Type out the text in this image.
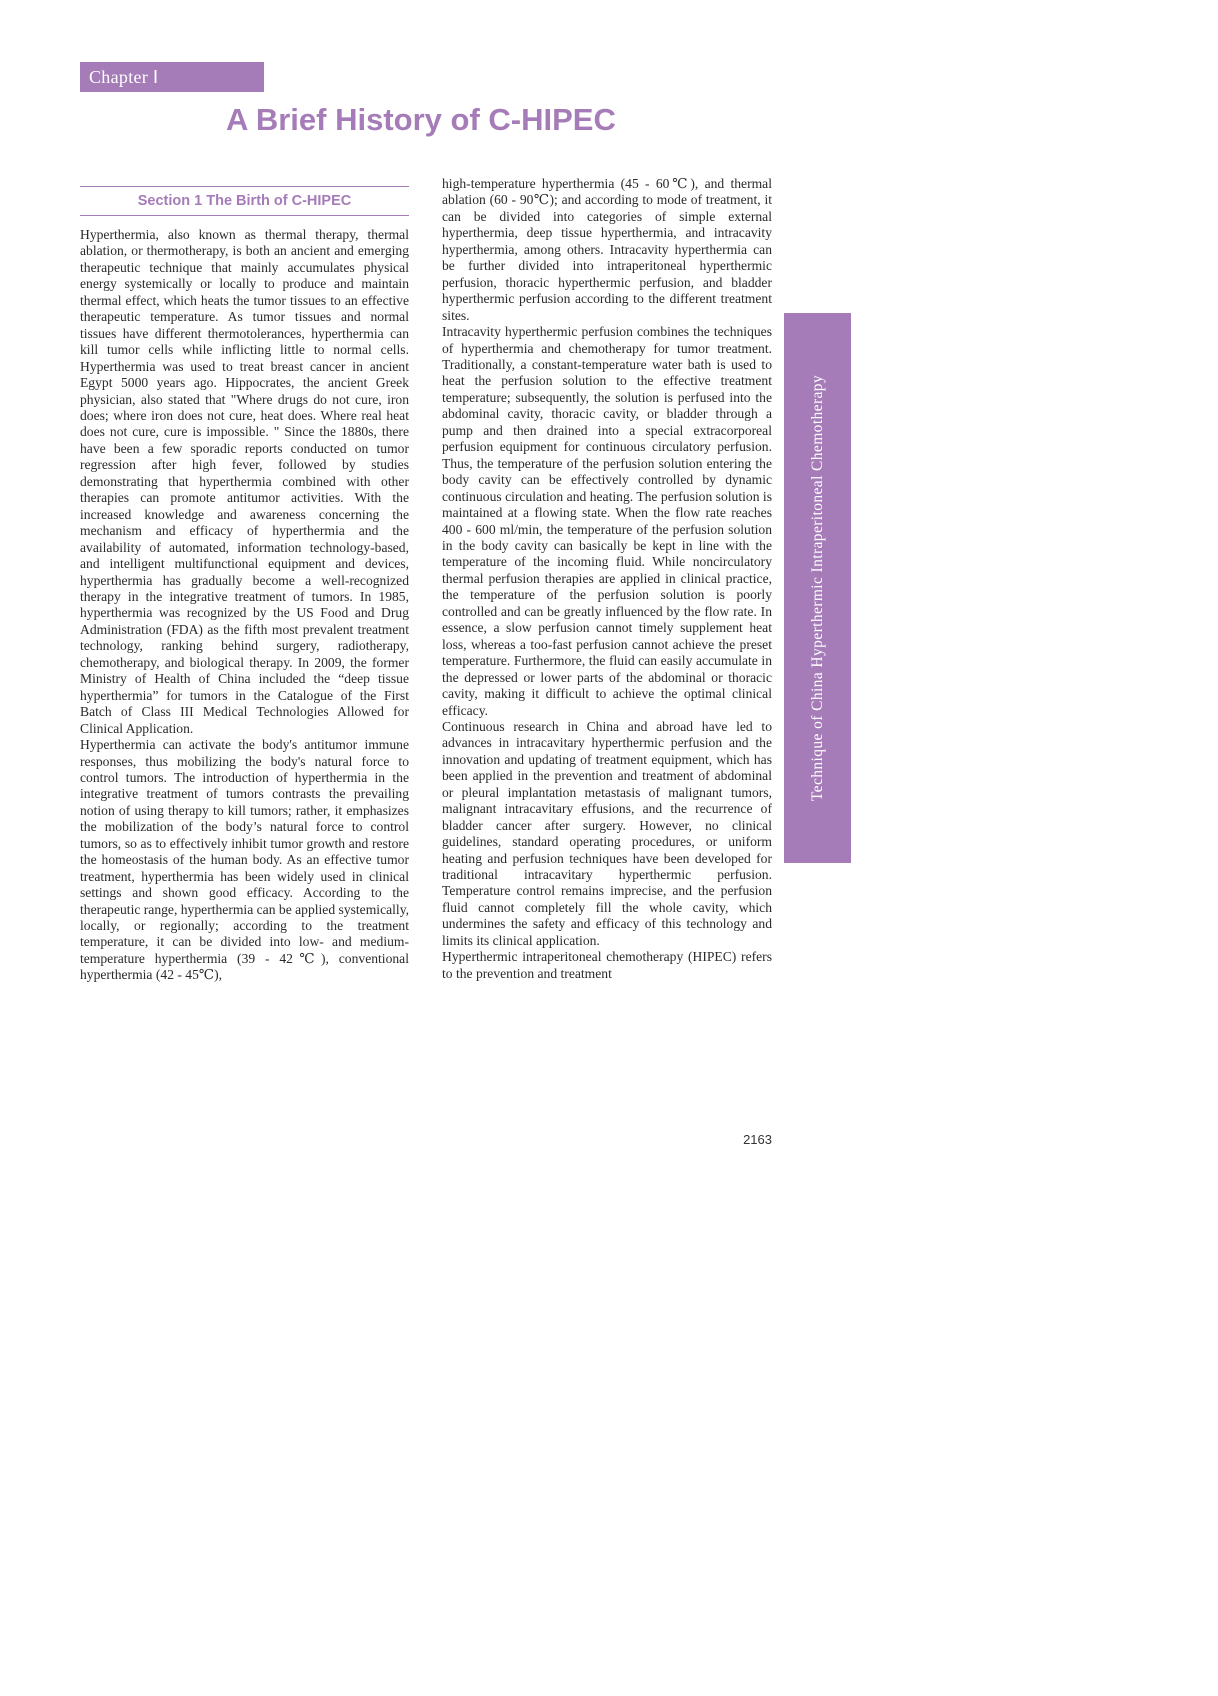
Chapter Ⅰ
A Brief History of C-HIPEC
Section 1 The Birth of C-HIPEC

Hyperthermia, also known as thermal therapy, thermal ablation, or thermotherapy, is both an ancient and emerging therapeutic technique that mainly accumulates physical energy systemically or locally to produce and maintain thermal effect, which heats the tumor tissues to an effective therapeutic temperature. As tumor tissues and normal tissues have different thermotolerances, hyperthermia can kill tumor cells while inflicting little to normal cells. Hyperthermia was used to treat breast cancer in ancient Egypt 5000 years ago. Hippocrates, the ancient Greek physician, also stated that "Where drugs do not cure, iron does; where iron does not cure, heat does. Where real heat does not cure, cure is impossible. " Since the 1880s, there have been a few sporadic reports conducted on tumor regression after high fever, followed by studies demonstrating that hyperthermia combined with other therapies can promote antitumor activities. With the increased knowledge and awareness concerning the mechanism and efficacy of hyperthermia and the availability of automated, information technology-based, and intelligent multifunctional equipment and devices, hyperthermia has gradually become a well-recognized therapy in the integrative treatment of tumors. In 1985, hyperthermia was recognized by the US Food and Drug Administration (FDA) as the fifth most prevalent treatment technology, ranking behind surgery, radiotherapy, chemotherapy, and biological therapy. In 2009, the former Ministry of Health of China included the “deep tissue hyperthermia” for tumors in the Catalogue of the First Batch of Class III Medical Technologies Allowed for Clinical Application.

Hyperthermia can activate the body's antitumor immune responses, thus mobilizing the body's natural force to control tumors. The introduction of hyperthermia in the integrative treatment of tumors contrasts the prevailing notion of using therapy to kill tumors; rather, it emphasizes the mobilization of the body’s natural force to control tumors, so as to effectively inhibit tumor growth and restore the homeostasis of the human body. As an effective tumor treatment, hyperthermia has been widely used in clinical settings and shown good efficacy. According to the therapeutic range, hyperthermia can be applied systemically, locally, or regionally; according to the treatment temperature, it can be divided into low- and medium-temperature hyperthermia (39 - 42℃), conventional hyperthermia (42 - 45℃),

high-temperature hyperthermia (45 - 60℃), and thermal ablation (60 - 90℃); and according to mode of treatment, it can be divided into categories of simple external hyperthermia, deep tissue hyperthermia, and intracavity hyperthermia, among others. Intracavity hyperthermia can be further divided into intraperitoneal hyperthermic perfusion, thoracic hyperthermic perfusion, and bladder hyperthermic perfusion according to the different treatment sites.

Intracavity hyperthermic perfusion combines the techniques of hyperthermia and chemotherapy for tumor treatment. Traditionally, a constant-temperature water bath is used to heat the perfusion solution to the effective treatment temperature; subsequently, the solution is perfused into the abdominal cavity, thoracic cavity, or bladder through a pump and then drained into a special extracorporeal perfusion equipment for continuous circulatory perfusion. Thus, the temperature of the perfusion solution entering the body cavity can be effectively controlled by dynamic continuous circulation and heating. The perfusion solution is maintained at a flowing state. When the flow rate reaches 400 - 600 ml/min, the temperature of the perfusion solution in the body cavity can basically be kept in line with the temperature of the incoming fluid. While noncirculatory thermal perfusion therapies are applied in clinical practice, the temperature of the perfusion solution is poorly controlled and can be greatly influenced by the flow rate. In essence, a slow perfusion cannot timely supplement heat loss, whereas a too-fast perfusion cannot achieve the preset temperature. Furthermore, the fluid can easily accumulate in the depressed or lower parts of the abdominal or thoracic cavity, making it difficult to achieve the optimal clinical efficacy.

Continuous research in China and abroad have led to advances in intracavitary hyperthermic perfusion and the innovation and updating of treatment equipment, which has been applied in the prevention and treatment of abdominal or pleural implantation metastasis of malignant tumors, malignant intracavitary effusions, and the recurrence of bladder cancer after surgery. However, no clinical guidelines, standard operating procedures, or uniform heating and perfusion techniques have been developed for traditional intracavitary hyperthermic perfusion. Temperature control remains imprecise, and the perfusion fluid cannot completely fill the whole cavity, which undermines the safety and efficacy of this technology and limits its clinical application.

Hyperthermic intraperitoneal chemotherapy (HIPEC) refers to the prevention and treatment

2163
Technique of China Hyperthermic Intraperitoneal Chemotherapy
